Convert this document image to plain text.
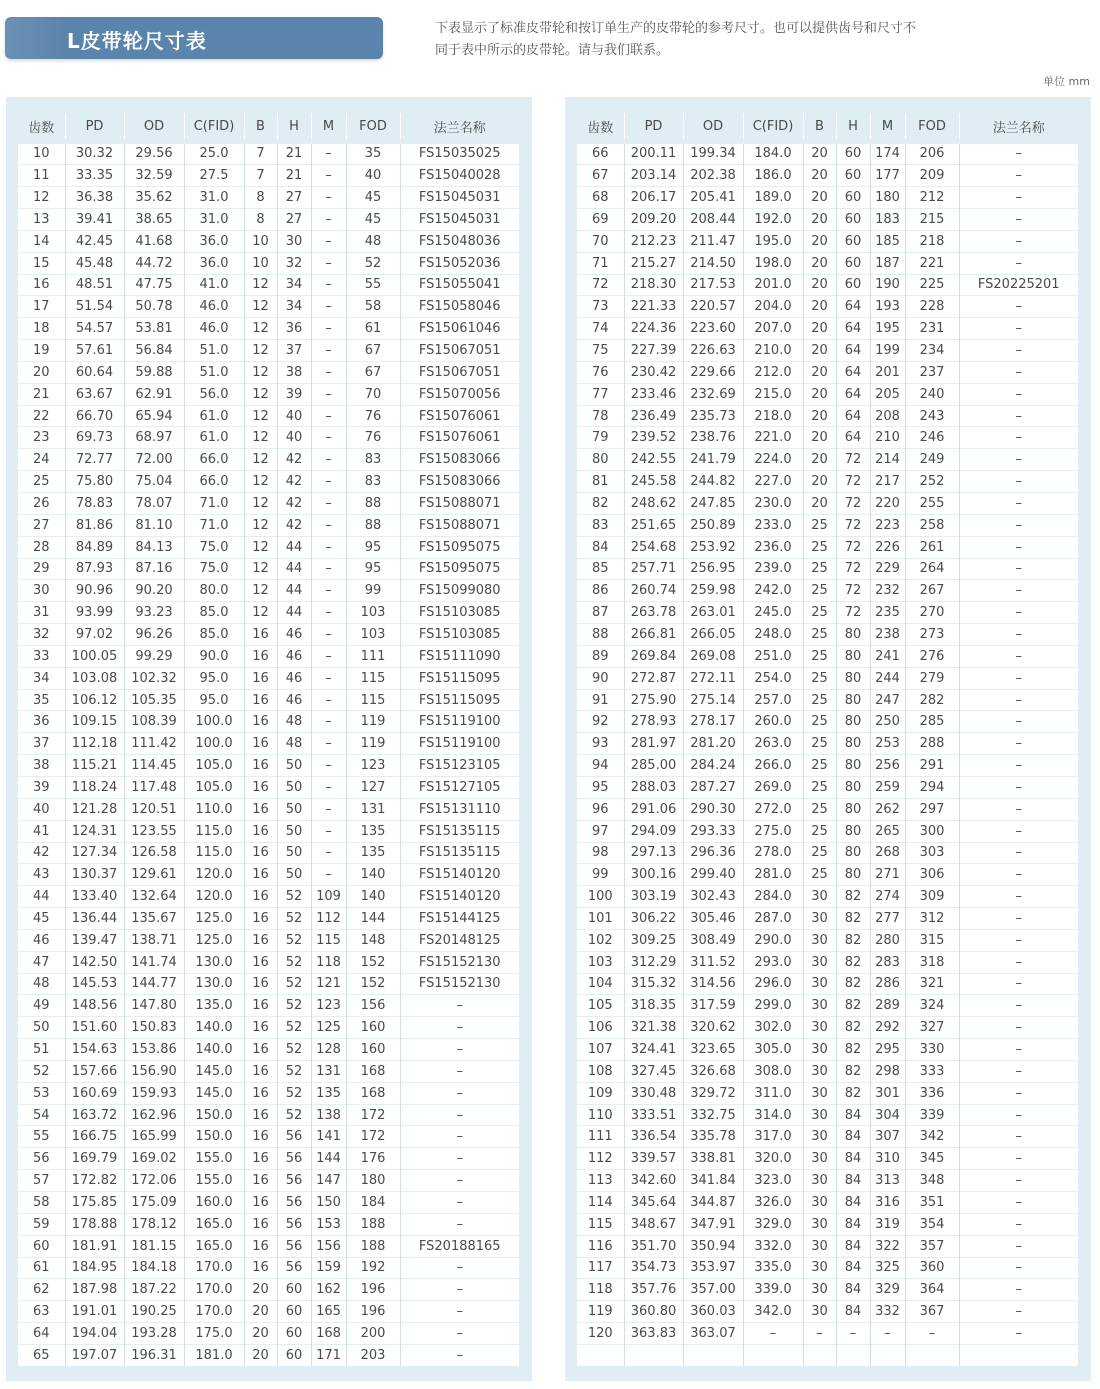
L皮带轮尺寸表
下表显示了标准皮带轮和按订单生产的皮带轮的参考尺寸。也可以提供齿号和尺寸不
同于表中所示的皮带轮。请与我们联系。
单位 mm
齿数	PD	OD	C(FID)	B	H	M	FOD	法兰名称

10	30.32	29.56	25.0	7	21	–	35	FS15035025
11	33.35	32.59	27.5	7	21	–	40	FS15040028
12	36.38	35.62	31.0	8	27	–	45	FS15045031
13	39.41	38.65	31.0	8	27	–	45	FS15045031
14	42.45	41.68	36.0	10	30	–	48	FS15048036
15	45.48	44.72	36.0	10	32	–	52	FS15052036
16	48.51	47.75	41.0	12	34	–	55	FS15055041
17	51.54	50.78	46.0	12	34	–	58	FS15058046
18	54.57	53.81	46.0	12	36	–	61	FS15061046
19	57.61	56.84	51.0	12	37	–	67	FS15067051
20	60.64	59.88	51.0	12	38	–	67	FS15067051
21	63.67	62.91	56.0	12	39	–	70	FS15070056
22	66.70	65.94	61.0	12	40	–	76	FS15076061
23	69.73	68.97	61.0	12	40	–	76	FS15076061
24	72.77	72.00	66.0	12	42	–	83	FS15083066
25	75.80	75.04	66.0	12	42	–	83	FS15083066
26	78.83	78.07	71.0	12	42	–	88	FS15088071
27	81.86	81.10	71.0	12	42	–	88	FS15088071
28	84.89	84.13	75.0	12	44	–	95	FS15095075
29	87.93	87.16	75.0	12	44	–	95	FS15095075
30	90.96	90.20	80.0	12	44	–	99	FS15099080
31	93.99	93.23	85.0	12	44	–	103	FS15103085
32	97.02	96.26	85.0	16	46	–	103	FS15103085
33	100.05	99.29	90.0	16	46	–	111	FS15111090
34	103.08	102.32	95.0	16	46	–	115	FS15115095
35	106.12	105.35	95.0	16	46	–	115	FS15115095
36	109.15	108.39	100.0	16	48	–	119	FS15119100
37	112.18	111.42	100.0	16	48	–	119	FS15119100
38	115.21	114.45	105.0	16	50	–	123	FS15123105
39	118.24	117.48	105.0	16	50	–	127	FS15127105
40	121.28	120.51	110.0	16	50	–	131	FS15131110
41	124.31	123.55	115.0	16	50	–	135	FS15135115
42	127.34	126.58	115.0	16	50	–	135	FS15135115
43	130.37	129.61	120.0	16	50	–	140	FS15140120
44	133.40	132.64	120.0	16	52	109	140	FS15140120
45	136.44	135.67	125.0	16	52	112	144	FS15144125
46	139.47	138.71	125.0	16	52	115	148	FS20148125
47	142.50	141.74	130.0	16	52	118	152	FS15152130
48	145.53	144.77	130.0	16	52	121	152	FS15152130
49	148.56	147.80	135.0	16	52	123	156	–
50	151.60	150.83	140.0	16	52	125	160	–
51	154.63	153.86	140.0	16	52	128	160	–
52	157.66	156.90	145.0	16	52	131	168	–
53	160.69	159.93	145.0	16	52	135	168	–
54	163.72	162.96	150.0	16	52	138	172	–
55	166.75	165.99	150.0	16	56	141	172	–
56	169.79	169.02	155.0	16	56	144	176	–
57	172.82	172.06	155.0	16	56	147	180	–
58	175.85	175.09	160.0	16	56	150	184	–
59	178.88	178.12	165.0	16	56	153	188	–
60	181.91	181.15	165.0	16	56	156	188	FS20188165
61	184.95	184.18	170.0	16	56	159	192	–
62	187.98	187.22	170.0	20	60	162	196	–
63	191.01	190.25	170.0	20	60	165	196	–
64	194.04	193.28	175.0	20	60	168	200	–
65	197.07	196.31	181.0	20	60	171	203	–
齿数	PD	OD	C(FID)	B	H	M	FOD	法兰名称

66	200.11	199.34	184.0	20	60	174	206	–
67	203.14	202.38	186.0	20	60	177	209	–
68	206.17	205.41	189.0	20	60	180	212	–
69	209.20	208.44	192.0	20	60	183	215	–
70	212.23	211.47	195.0	20	60	185	218	–
71	215.27	214.50	198.0	20	60	187	221	–
72	218.30	217.53	201.0	20	60	190	225	FS20225201
73	221.33	220.57	204.0	20	64	193	228	–
74	224.36	223.60	207.0	20	64	195	231	–
75	227.39	226.63	210.0	20	64	199	234	–
76	230.42	229.66	212.0	20	64	201	237	–
77	233.46	232.69	215.0	20	64	205	240	–
78	236.49	235.73	218.0	20	64	208	243	–
79	239.52	238.76	221.0	20	64	210	246	–
80	242.55	241.79	224.0	20	72	214	249	–
81	245.58	244.82	227.0	20	72	217	252	–
82	248.62	247.85	230.0	20	72	220	255	–
83	251.65	250.89	233.0	25	72	223	258	–
84	254.68	253.92	236.0	25	72	226	261	–
85	257.71	256.95	239.0	25	72	229	264	–
86	260.74	259.98	242.0	25	72	232	267	–
87	263.78	263.01	245.0	25	72	235	270	–
88	266.81	266.05	248.0	25	80	238	273	–
89	269.84	269.08	251.0	25	80	241	276	–
90	272.87	272.11	254.0	25	80	244	279	–
91	275.90	275.14	257.0	25	80	247	282	–
92	278.93	278.17	260.0	25	80	250	285	–
93	281.97	281.20	263.0	25	80	253	288	–
94	285.00	284.24	266.0	25	80	256	291	–
95	288.03	287.27	269.0	25	80	259	294	–
96	291.06	290.30	272.0	25	80	262	297	–
97	294.09	293.33	275.0	25	80	265	300	–
98	297.13	296.36	278.0	25	80	268	303	–
99	300.16	299.40	281.0	25	80	271	306	–
100	303.19	302.43	284.0	30	82	274	309	–
101	306.22	305.46	287.0	30	82	277	312	–
102	309.25	308.49	290.0	30	82	280	315	–
103	312.29	311.52	293.0	30	82	283	318	–
104	315.32	314.56	296.0	30	82	286	321	–
105	318.35	317.59	299.0	30	82	289	324	–
106	321.38	320.62	302.0	30	82	292	327	–
107	324.41	323.65	305.0	30	82	295	330	–
108	327.45	326.68	308.0	30	82	298	333	–
109	330.48	329.72	311.0	30	82	301	336	–
110	333.51	332.75	314.0	30	84	304	339	–
111	336.54	335.78	317.0	30	84	307	342	–
112	339.57	338.81	320.0	30	84	310	345	–
113	342.60	341.84	323.0	30	84	313	348	–
114	345.64	344.87	326.0	30	84	316	351	–
115	348.67	347.91	329.0	30	84	319	354	–
116	351.70	350.94	332.0	30	84	322	357	–
117	354.73	353.97	335.0	30	84	325	360	–
118	357.76	357.00	339.0	30	84	329	364	–
119	360.80	360.03	342.0	30	84	332	367	–
120	363.83	363.07	–	–	–	–	–	–
